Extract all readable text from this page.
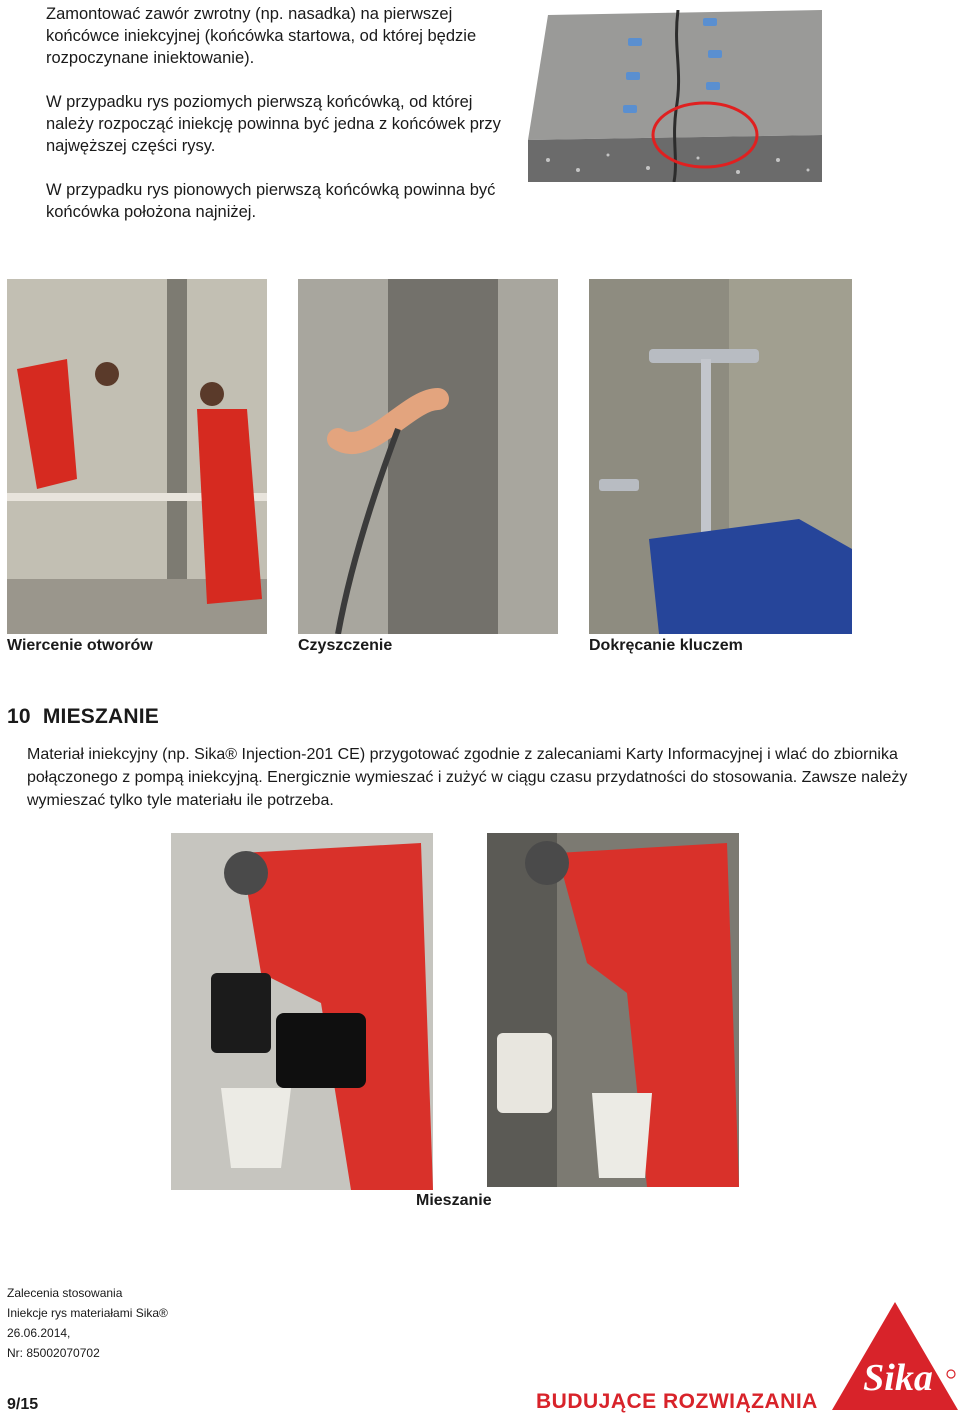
Zamontować zawór zwrotny (np. nasadka) na pierwszej końcówce iniekcyjnej (końcówka startowa, od której będzie rozpoczynane iniektowanie).

W przypadku rys poziomych pierwszą końcówką, od której należy rozpocząć iniekcję powinna być jedna z końcówek przy najwęższej części rysy.

W przypadku rys pionowych pierwszą końcówką powinna być końcówka położona najniżej.

Wiercenie otworów	Czyszczenie	Dokręcanie kluczem
10 MIESZANIE

Materiał iniekcyjny (np. Sika® Injection-201 CE) przygotować zgodnie z zalecaniami Karty Informacyjnej i wlać do zbiornika połączonego z pompą iniekcyjną. Energicznie wymieszać i zużyć w ciągu czasu przydatności do stosowania. Zawsze należy wymieszać tylko tyle materiału ile potrzeba.

Mieszanie
Zalecenia stosowania
Iniekcje rys materiałami Sika®
26.06.2014,
Nr: 85002070702
9/15	BUDUJĄCE ROZWIĄZANIA
Sika
